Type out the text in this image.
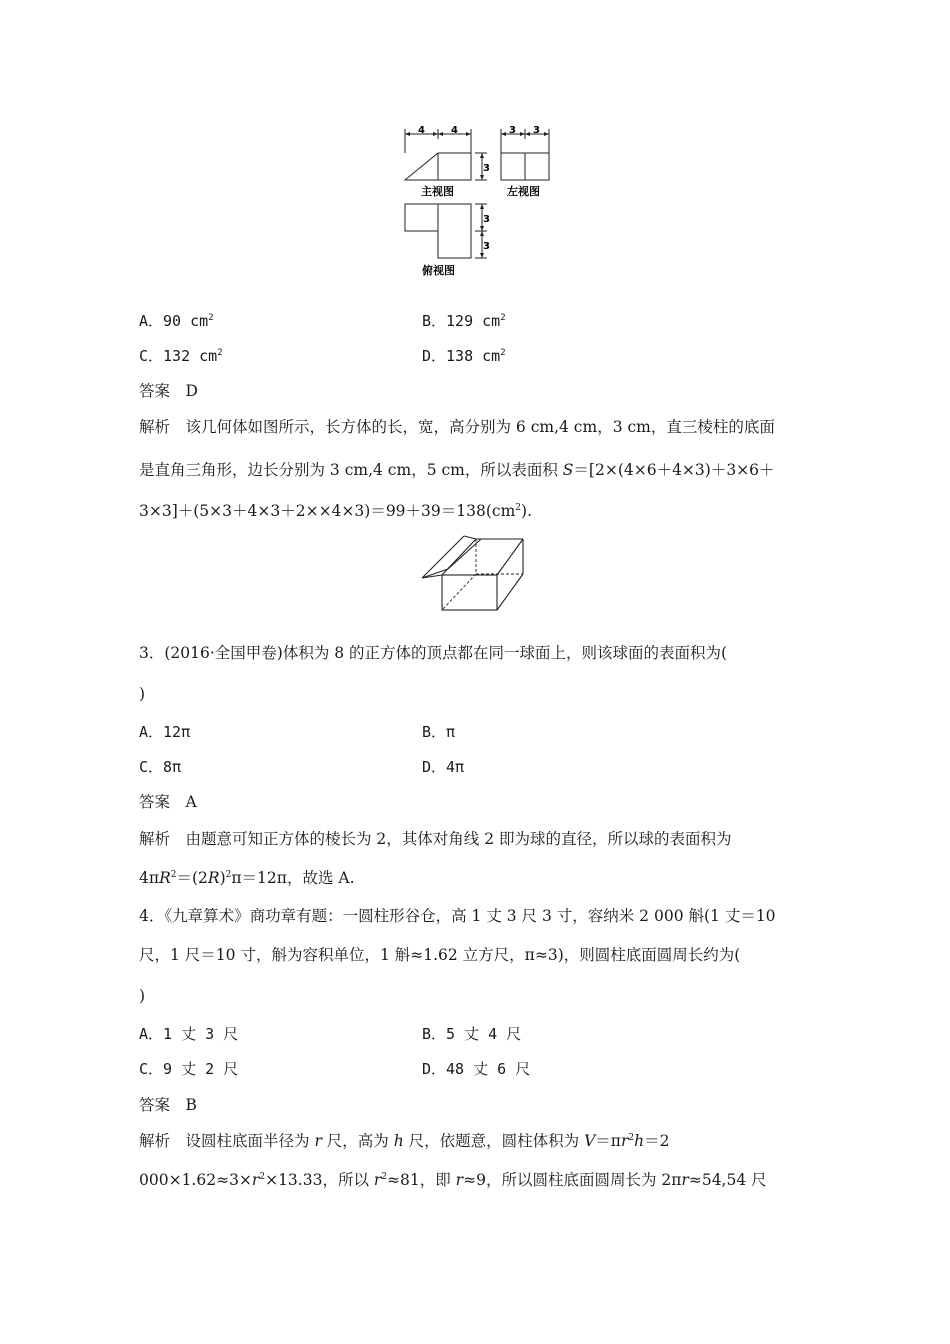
4	4
3
3 3
3
3
主视图	左视图
俯视图
A．90 $cm^2$	B．129 $cm^2$
C．132 $cm^2$	D．138 $cm^2$
答案　D
解析　该几何体如图所示，长方体的长，宽，高分别为 6 cm,4 cm，3 cm，直三棱柱的底面
是直角三角形，边长分别为 3 cm,4 cm，5 cm，所以表面积 S＝[2×(4×6＋4×3)＋3×6＋
$3\times 3]+(5\times 3+4\times 3+2\times\times 4\times 3)=99+39=138(cm^2)$.
3．(2016·全国甲卷)体积为 8 的正方体的顶点都在同一球面上，则该球面的表面积为(
)
A．12π	B．π
C．8π	D．4π
答案　A
解析　由题意可知正方体的棱长为 2，其体对角线 2 即为球的直径，所以球的表面积为
$4\pi R^2=(2R)^2\pi=12\pi$，故选 A.
4．《九章算术》商功章有题：一圆柱形谷仓，高 1 丈 3 尺 3 寸，容纳米 2 000 斛(1 丈＝10
尺，1 尺＝10 寸，斛为容积单位，1 斛≈1.62 立方尺，π≈3)，则圆柱底面圆周长约为(
)
A．1 丈 3 尺	B．5 丈 4 尺
C．9 丈 2 尺	D．48 丈 6 尺
答案　B
解析　设圆柱底面半径为 r 尺，高为 h 尺，依题意，圆柱体积为 $V=\pi r^2h=2$
$000\times 1.62\approx 3\times r^2\times 13.33$，所以 $r^2\approx 81$，即 r≈9，所以圆柱底面圆周长为 2πr≈54,54 尺
